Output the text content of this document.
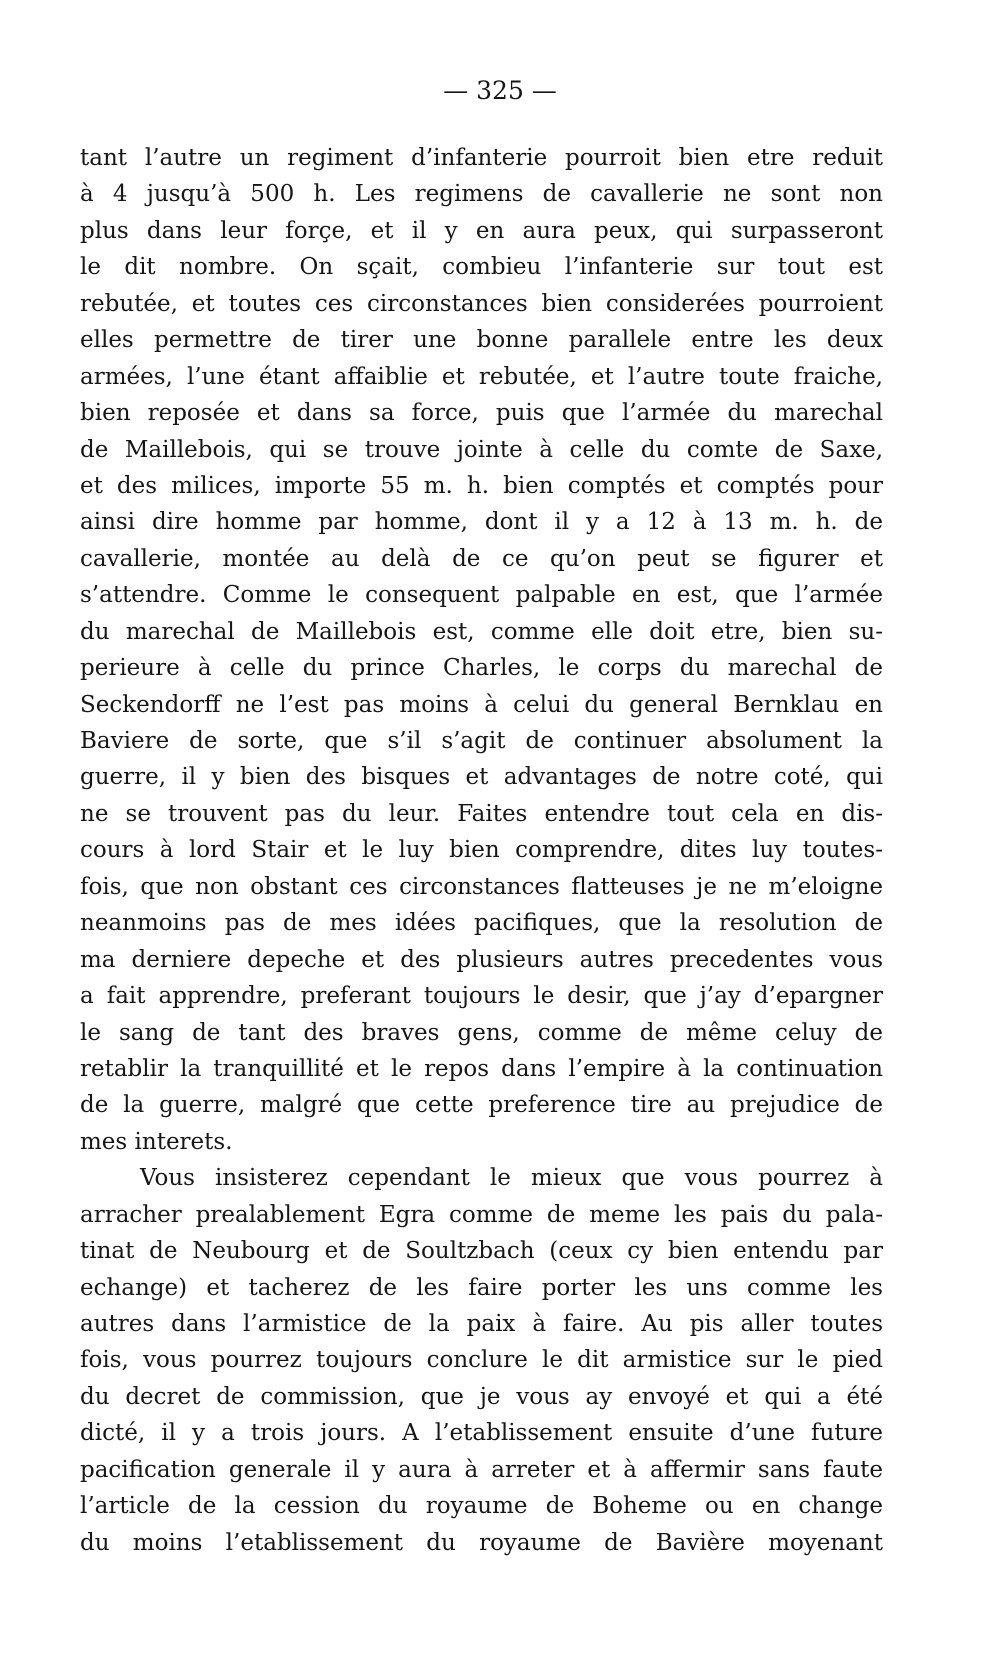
— 325 —
tant l’autre un regiment d’infanterie pourroit bien etre reduit
à 4 jusqu’à 500 h. Les regimens de cavallerie ne sont non
plus dans leur forçe, et il y en aura peux, qui surpasseront
le dit nombre. On sçait, combieu l’infanterie sur tout est
rebutée, et toutes ces circonstances bien considerées pourroient
elles permettre de tirer une bonne parallele entre les deux
armées, l’une étant affaiblie et rebutée, et l’autre toute fraiche,
bien reposée et dans sa force, puis que l’armée du marechal
de Maillebois, qui se trouve jointe à celle du comte de Saxe,
et des milices, importe 55 m. h. bien comptés et comptés pour
ainsi dire homme par homme, dont il y a 12 à 13 m. h. de
cavallerie, montée au delà de ce qu’on peut se figurer et
s’attendre. Comme le consequent palpable en est, que l’armée
du marechal de Maillebois est, comme elle doit etre, bien su-
perieure à celle du prince Charles, le corps du marechal de
Seckendorff ne l’est pas moins à celui du general Bernklau en
Baviere de sorte, que s’il s’agit de continuer absolument la
guerre, il y bien des bisques et advantages de notre coté, qui
ne se trouvent pas du leur. Faites entendre tout cela en dis-
cours à lord Stair et le luy bien comprendre, dites luy toutes-
fois, que non obstant ces circonstances flatteuses je ne m’eloigne
neanmoins pas de mes idées pacifiques, que la resolution de
ma derniere depeche et des plusieurs autres precedentes vous
a fait apprendre, preferant toujours le desir, que j’ay d’epargner
le sang de tant des braves gens, comme de même celuy de
retablir la tranquillité et le repos dans l’empire à la continuation
de la guerre, malgré que cette preference tire au prejudice de
mes interets.
Vous insisterez cependant le mieux que vous pourrez à
arracher prealablement Egra comme de meme les pais du pala-
tinat de Neubourg et de Soultzbach (ceux cy bien entendu par
echange) et tacherez de les faire porter les uns comme les
autres dans l’armistice de la paix à faire. Au pis aller toutes
fois, vous pourrez toujours conclure le dit armistice sur le pied
du decret de commission, que je vous ay envoyé et qui a été
dicté, il y a trois jours. A l’etablissement ensuite d’une future
pacification generale il y aura à arreter et à affermir sans faute
l’article de la cession du royaume de Boheme ou en change
du moins l’etablissement du royaume de Bavière moyenant
